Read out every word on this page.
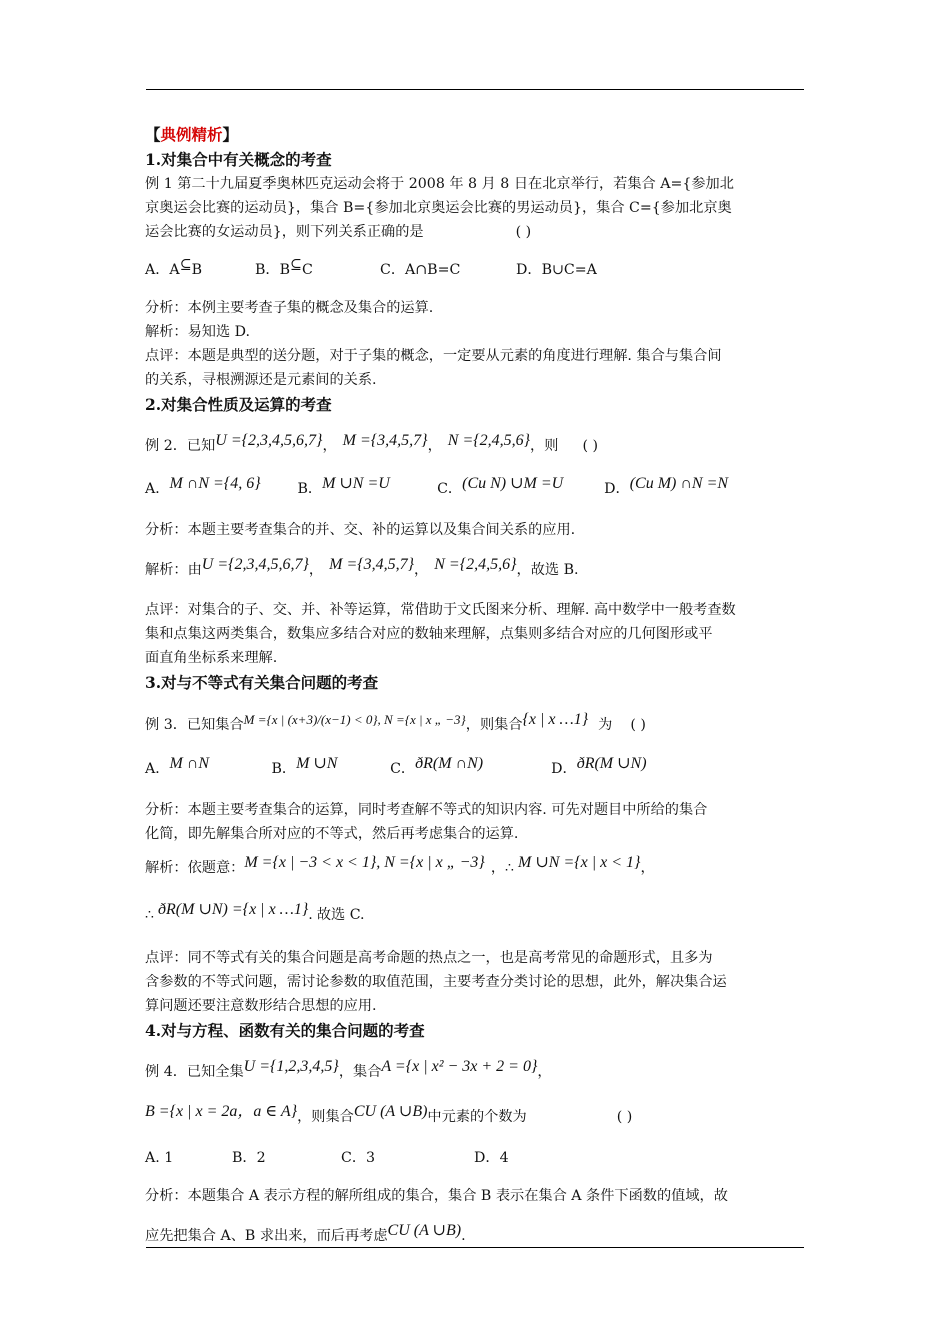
【典例精析】

1.对集合中有关概念的考查

例 1 第二十九届夏季奥林匹克运动会将于 2008 年 8 月 8 日在北京举行，若集合 A={参加北

京奥运会比赛的运动员}，集合 B={参加北京奥运会比赛的男运动员}，集合 C={参加北京奥

运会比赛的女运动员}，则下列关系正确的是	( )

A．A⊆B	B．B⊆C	C．A∩B=C	D．B∪C=A

分析：本例主要考查子集的概念及集合的运算.

解析：易知选 D.

点评：本题是典型的送分题，对于子集的概念，一定要从元素的角度进行理解. 集合与集合间

的关系，寻根溯源还是元素间的关系.

2.对集合性质及运算的考查

例 2．已知 U ={2,3,4,5,6,7} ， M ={3,4,5,7} ， N ={2,4,5,6} ，则 ( )

A． M ∩N ={4, 6}	B． M ∪N =U	C． (Cu N) ∪M =U	D． (Cu M) ∩N =N

分析：本题主要考查集合的并、交、补的运算以及集合间关系的应用.

解析：由 U ={2,3,4,5,6,7} ， M ={3,4,5,7} ， N ={2,4,5,6} ，故选 B.

点评：对集合的子、交、并、补等运算，常借助于文氏图来分析、理解. 高中数学中一般考查数

集和点集这两类集合，数集应多结合对应的数轴来理解，点集则多结合对应的几何图形或平

面直角坐标系来理解.

3.对与不等式有关集合问题的考查

例 3．已知集合 M ={x | (x+3)/(x−1) < 0}, N ={x | x „ −3} ，则集合 {x | x …1} 为 ( )

A． M ∩N	B． M ∪N	C． ðR(M ∩N)	D． ðR(M ∪N)

分析：本题主要考查集合的运算，同时考查解不等式的知识内容. 可先对题目中所给的集合

化简，即先解集合所对应的不等式，然后再考虑集合的运算.

解析：依题意： M ={x | −3 < x < 1}, N ={x | x „ −3} ， ∴ M ∪N ={x | x < 1} ，

∴ ðR(M ∪N) ={x | x …1} . 故选 C.

点评：同不等式有关的集合问题是高考命题的热点之一，也是高考常见的命题形式，且多为

含参数的不等式问题，需讨论参数的取值范围，主要考查分类讨论的思想，此外，解决集合运

算问题还要注意数形结合思想的应用.

4.对与方程、函数有关的集合问题的考查

例 4．已知全集 U ={1,2,3,4,5} ，集合 A ={x | x² − 3x + 2 = 0} ，

B ={x | x = 2a，a ∈ A} ，则集合 CU (A ∪B) 中元素的个数为	( )

A. 1	B．2	C．3	D．4

分析：本题集合 A 表示方程的解所组成的集合，集合 B 表示在集合 A 条件下函数的值域，故

应先把集合 A、B 求出来，而后再考虑 CU (A ∪B) .
